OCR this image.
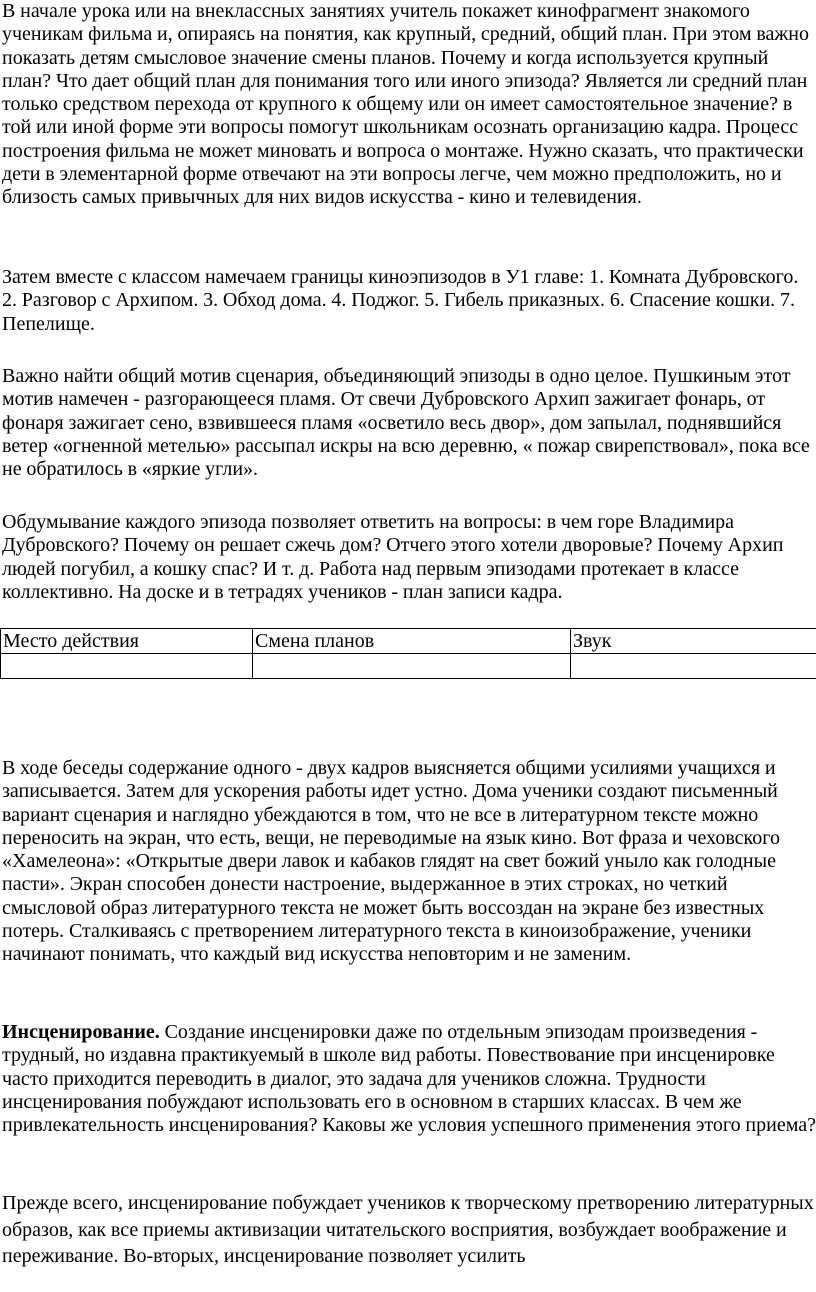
В начале урока или на внеклассных занятиях учитель покажет кинофрагмент знакомого ученикам фильма и, опираясь на понятия, как крупный, средний, общий план. При этом важно показать детям смысловое значение смены планов. Почему и когда используется крупный план? Что дает общий план для понимания того или иного эпизода? Является ли средний план только средством перехода от крупного к общему или он имеет самостоятельное значение? в той или иной форме эти вопросы помогут школьникам осознать организацию кадра. Процесс построения фильма не может миновать и вопроса о монтаже. Нужно сказать, что практически дети в элементарной форме отвечают на эти вопросы легче, чем можно предположить, но и близость самых привычных для них видов искусства - кино и телевидения.

Затем вместе с классом намечаем границы киноэпизодов в У1 главе: 1. Комната Дубровского. 2. Разговор с Архипом. 3. Обход дома. 4. Поджог. 5. Гибель приказных. 6. Спасение кошки. 7. Пепелище.

Важно найти общий мотив сценария, объединяющий эпизоды в одно целое. Пушкиным этот мотив намечен - разгорающееся пламя. От свечи Дубровского Архип зажигает фонарь, от фонаря зажигает сено, взвившееся пламя «осветило весь двор», дом запылал, поднявшийся ветер «огненной метелью» рассыпал искры на всю деревню, « пожар свирепствовал», пока все не обратилось в «яркие угли».

Обдумывание каждого эпизода позволяет ответить на вопросы: в чем горе Владимира Дубровского? Почему он решает сжечь дом? Отчего этого хотели дворовые? Почему Архип людей погубил, а кошку спас? И т. д. Работа над первым эпизодами протекает в классе коллективно. На доске и в тетрадях учеников - план записи кадра.

Место действия	Смена планов	Звук

В ходе беседы содержание одного - двух кадров выясняется общими усилиями учащихся и записывается. Затем для ускорения работы идет устно. Дома ученики создают письменный вариант сценария и наглядно убеждаются в том, что не все в литературном тексте можно переносить на экран, что есть, вещи, не переводимые на язык кино. Вот фраза и чеховского «Хамелеона»: «Открытые двери лавок и кабаков глядят на свет божий уныло как голодные пасти». Экран способен донести настроение, выдержанное в этих строках, но четкий смысловой образ литературного текста не может быть воссоздан на экране без известных потерь. Сталкиваясь с претворением литературного текста в киноизображение, ученики начинают понимать, что каждый вид искусства неповторим и не заменим.

Инсценирование. Создание инсценировки даже по отдельным эпизодам произведения - трудный, но издавна практикуемый в школе вид работы. Повествование при инсценировке часто приходится переводить в диалог, это задача для учеников сложна. Трудности инсценирования побуждают использовать его в основном в старших классах. В чем же привлекательность инсценирования? Каковы же условия успешного применения этого приема?

Прежде всего, инсценирование побуждает учеников к творческому претворению литературных образов, как все приемы активизации читательского восприятия, возбуждает воображение и переживание. Во-вторых, инсценирование позволяет усилить
